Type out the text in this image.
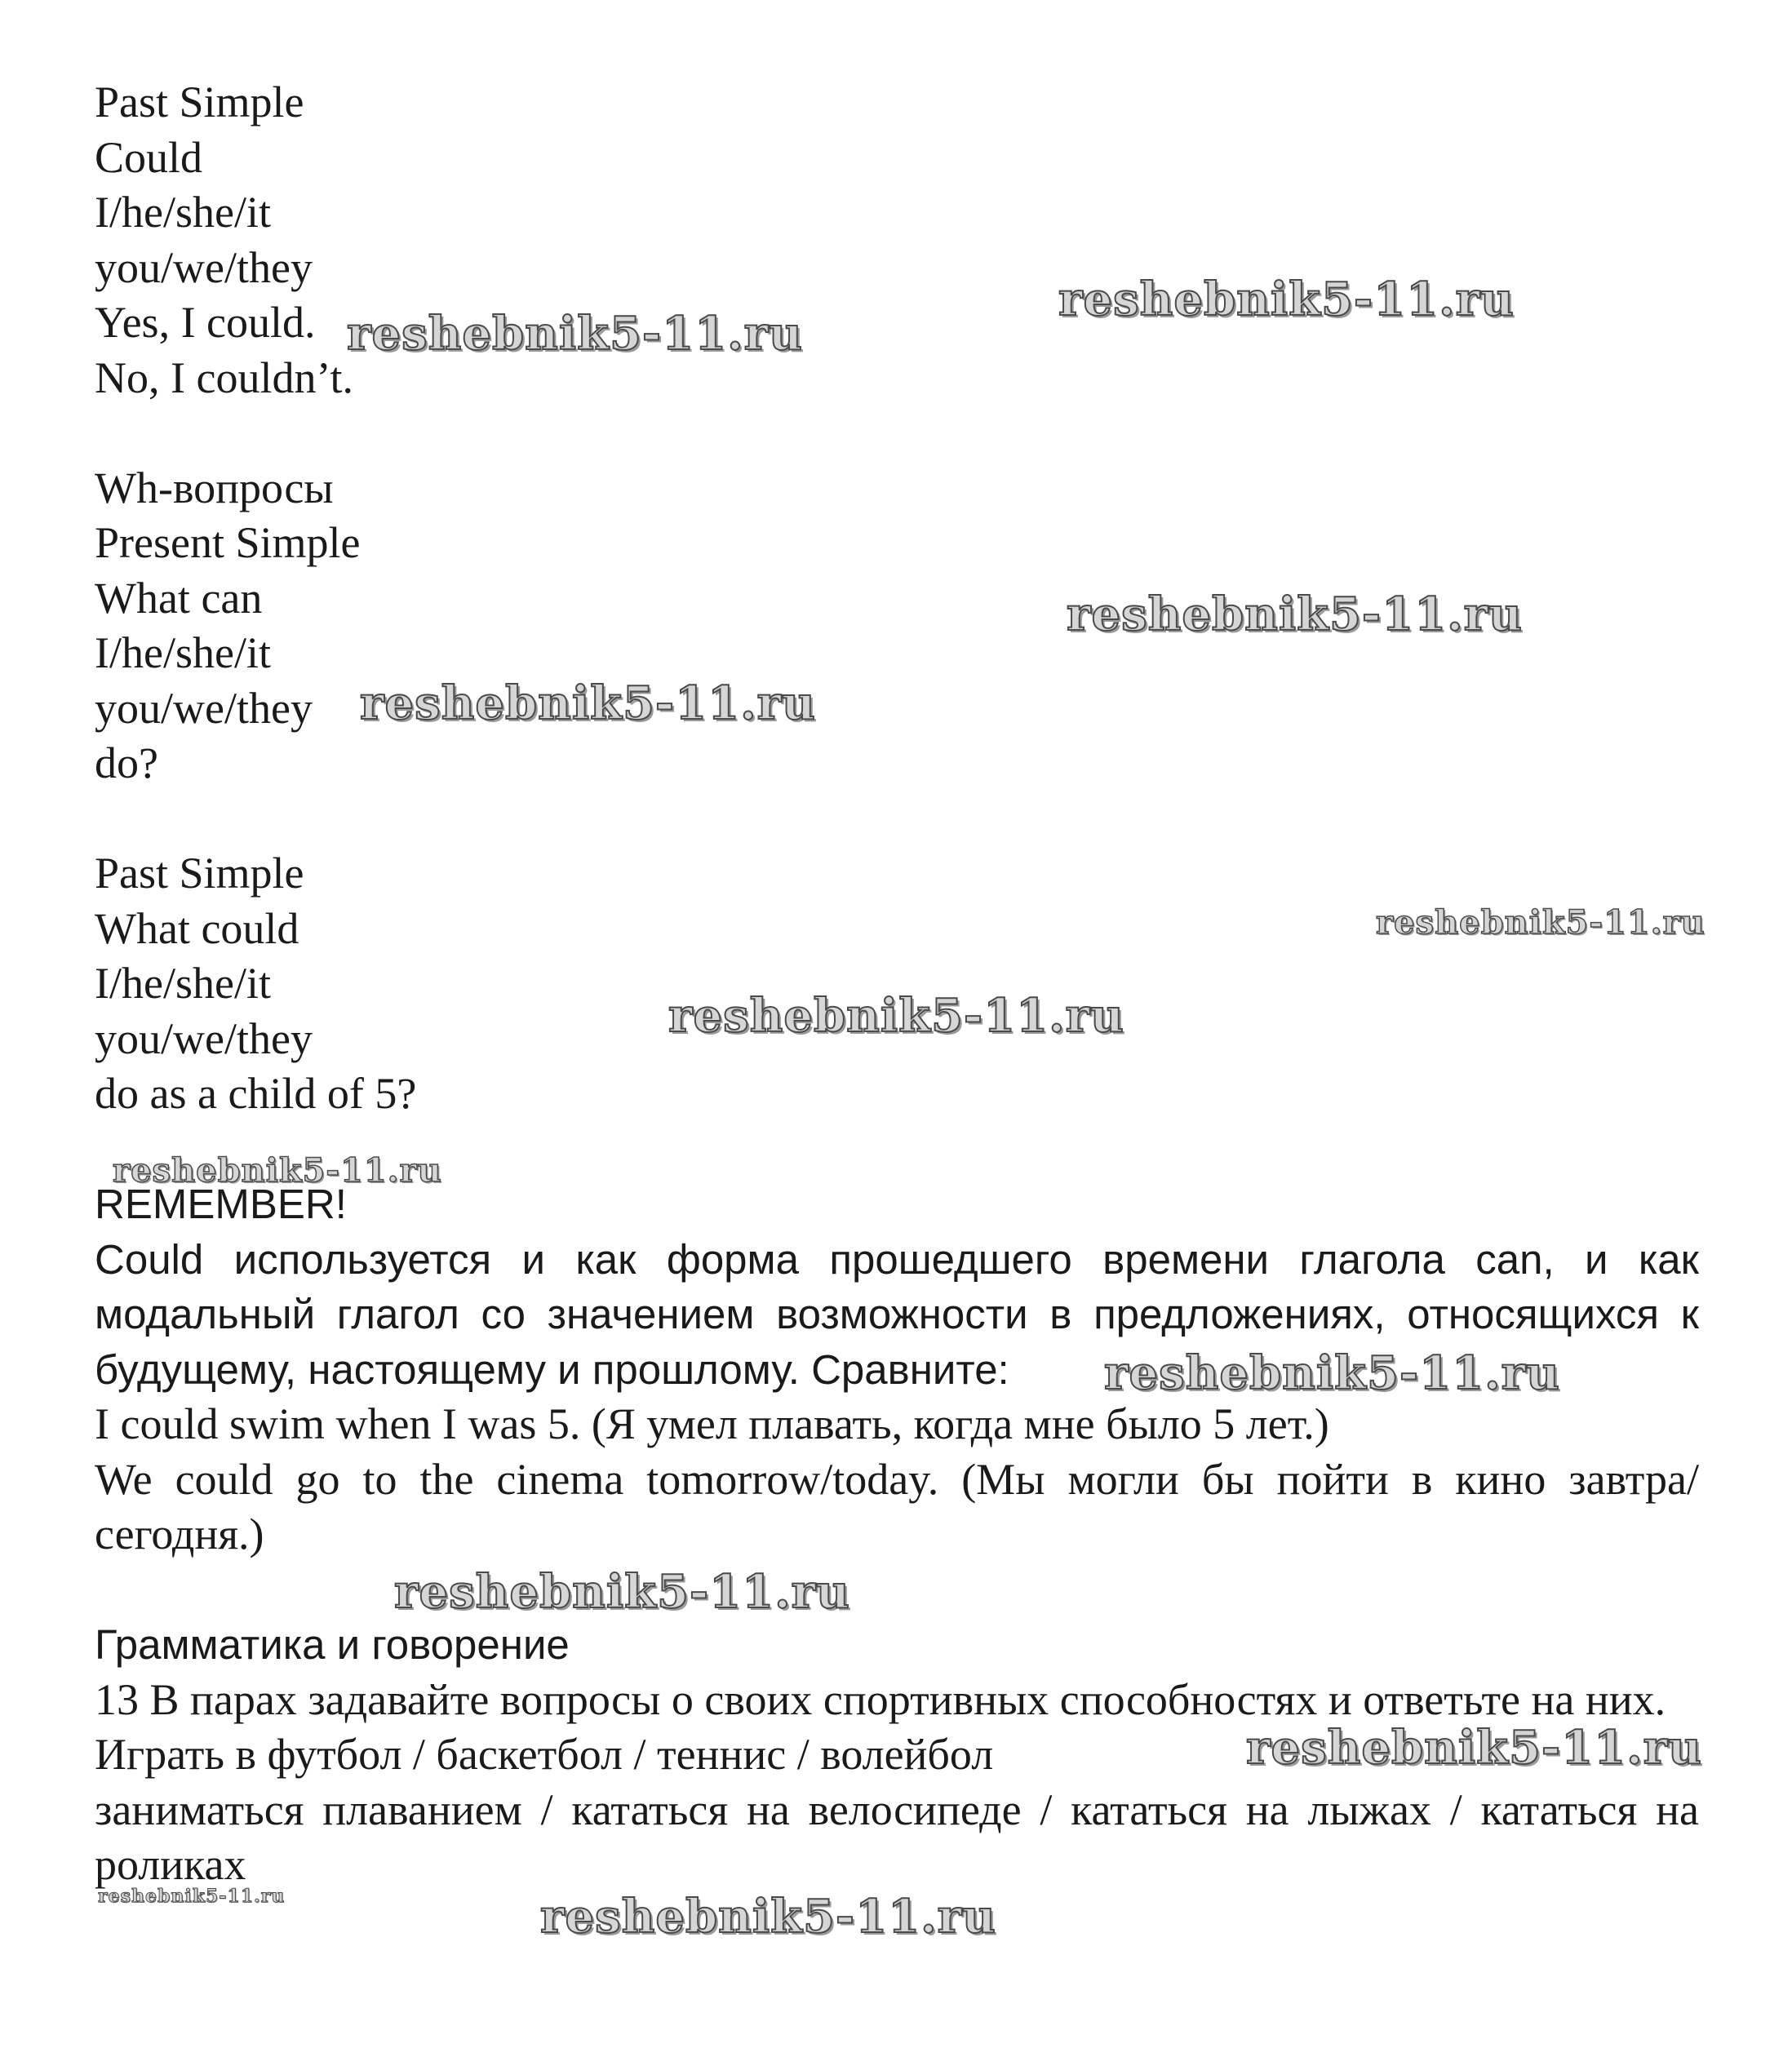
Past Simple
Could
I/he/she/it
you/we/they
Yes, I could.
No, I couldn’t.
Wh-вопросы
Present Simple
What can
I/he/she/it
you/we/they
do?
Past Simple
What could
I/he/she/it
you/we/they
do as a child of 5?
REMEMBER!
Could используется и как форма прошедшего времени глагола can, и как модальный глагол со значением возможности в предложениях, относящихся к будущему, настоящему и прошлому. Сравните:
I could swim when I was 5. (Я умел плавать, когда мне было 5 лет.)
We could go to the cinema tomorrow/today. (Мы могли бы пойти в кино завтра/сегодня.)
Грамматика и говорение
13 В парах задавайте вопросы о своих спортивных способностях и ответьте на них.
Играть в футбол / баскетбол / теннис / волейбол
заниматься плаванием / кататься на велосипеде / кататься на лыжах / кататься на роликах
reshebnik5-11.ru
reshebnik5-11.ru
reshebnik5-11.ru
reshebnik5-11.ru
reshebnik5-11.ru
reshebnik5-11.ru
reshebnik5-11.ru
reshebnik5-11.ru
reshebnik5-11.ru
reshebnik5-11.ru
reshebnik5-11.ru	reshebnik5-11.ru
